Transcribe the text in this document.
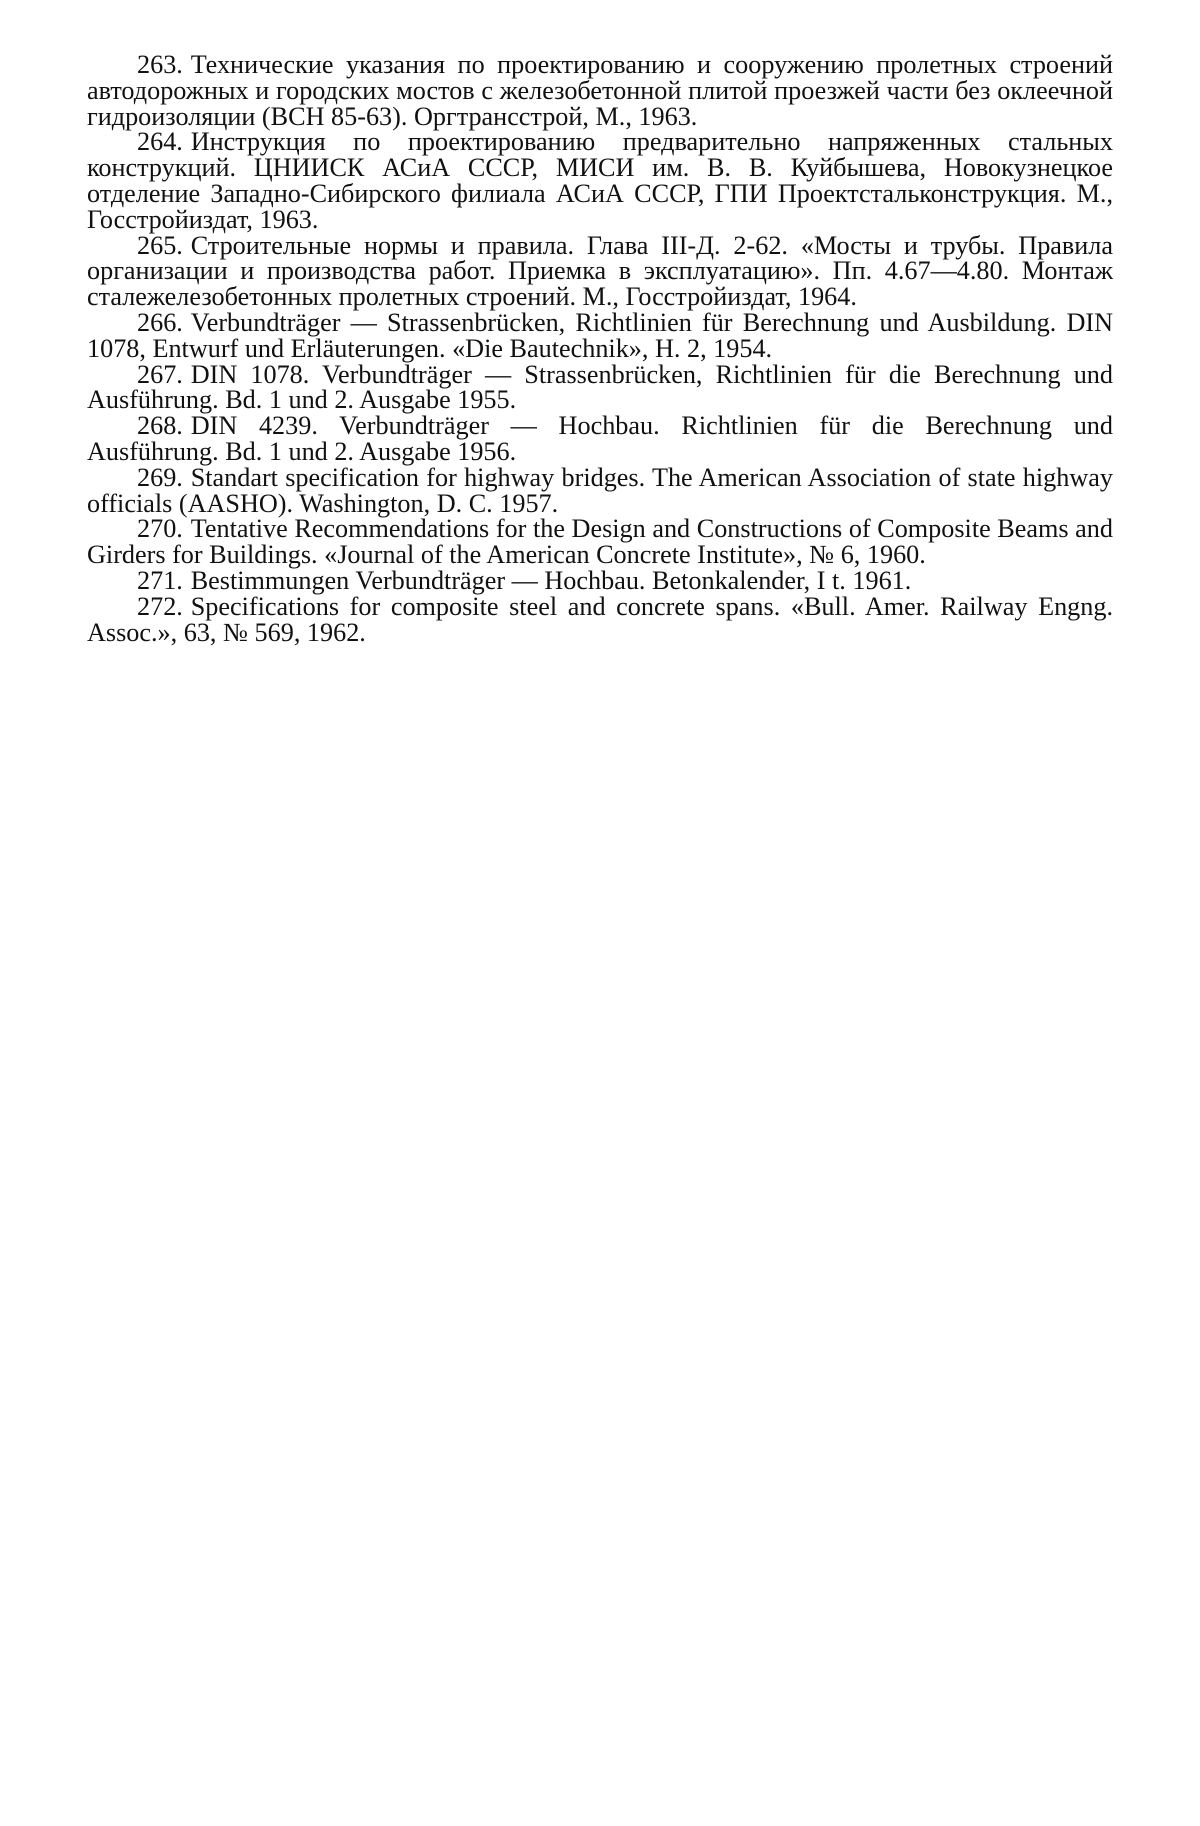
263. Технические указания по проектированию и сооружению пролетных строений автодорожных и городских мостов с железобетонной плитой проезжей части без оклеечной гидроизоляции (ВСН 85-63). Оргтрансстрой, М., 1963.

264. Инструкция по проектированию предварительно напряженных стальных конструкций. ЦНИИСК АСиА СССР, МИСИ им. В. В. Куйбышева, Новокузнецкое отделение Западно-Сибирского филиала АСиА СССР, ГПИ Проектстальконструкция. М., Госстройиздат, 1963.

265. Строительные нормы и правила. Глава III-Д. 2-62. «Мосты и трубы. Правила организации и производства работ. Приемка в эксплуатацию». Пп. 4.67—4.80. Монтаж сталежелезобетонных пролетных строений. М., Госстройиздат, 1964.

266. Verbundträger — Strassenbrücken, Richtlinien für Berechnung und Ausbildung. DIN 1078, Entwurf und Erläuterungen. «Die Bautechnik», H. 2, 1954.

267. DIN 1078. Verbundträger — Strassenbrücken, Richtlinien für die Berechnung und Ausführung. Bd. 1 und 2. Ausgabe 1955.

268. DIN 4239. Verbundträger — Hochbau. Richtlinien für die Berechnung und Ausführung. Bd. 1 und 2. Ausgabe 1956.

269. Standart specification for highway bridges. The American Association of state highway officials (AASHO). Washington, D. C. 1957.

270. Tentative Recommendations for the Design and Constructions of Composite Beams and Girders for Buildings. «Journal of the American Concrete Institute», № 6, 1960.

271. Bestimmungen Verbundträger — Hochbau. Betonkalender, I t. 1961.

272. Specifications for composite steel and concrete spans. «Bull. Amer. Railway Engng. Assoc.», 63, № 569, 1962.
